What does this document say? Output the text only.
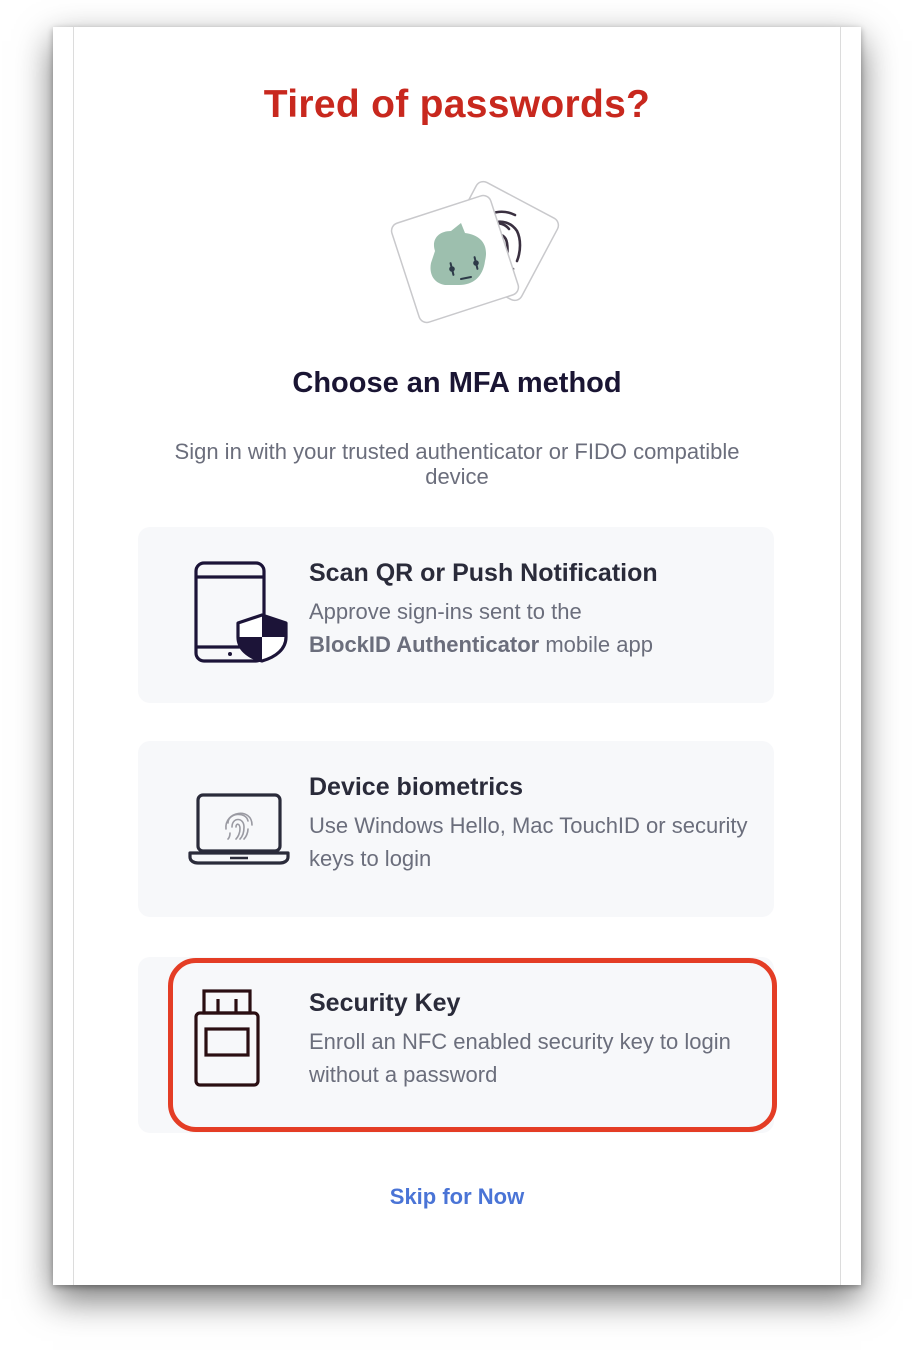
Tired of passwords?
Choose an MFA method

Sign in with your trusted authenticator or FIDO compatible device

Scan QR or Push Notification
Approve sign-ins sent to the
BlockID Authenticator mobile app
Device biometrics
Use Windows Hello, Mac TouchID or security keys to login
Security Key
Enroll an NFC enabled security key to login without a password
Skip for Now
